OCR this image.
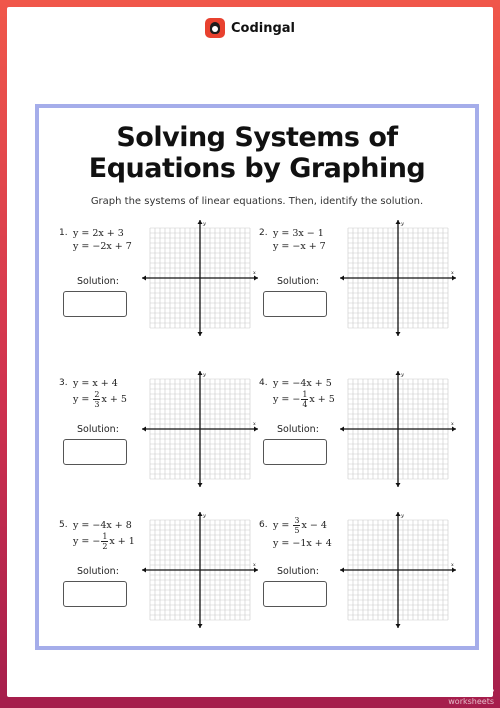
Codingal
Solving Systems of
Equations by Graphing
Graph the systems of linear equations. Then, identify the solution.
1. y = 2x + 3
y = −2x + 7
2. y = 3x − 1
y = −x + 7
3. y = x + 4
$y = \frac{2}{3}$ x + 5
4. y = −4x + 5
y = − $\frac{1}{4}$ x + 5
5. y = −4x + 8
y = − $\frac{1}{2}$ x + 1
6. $y = \frac{3}{5}$ x − 4
y = −1x + 4
Solution:	Solution:
Solution:	Solution:
Solution:	Solution:
x
y
x
y
x
y
x
y
x
y
x
y
TOP
worksheets
